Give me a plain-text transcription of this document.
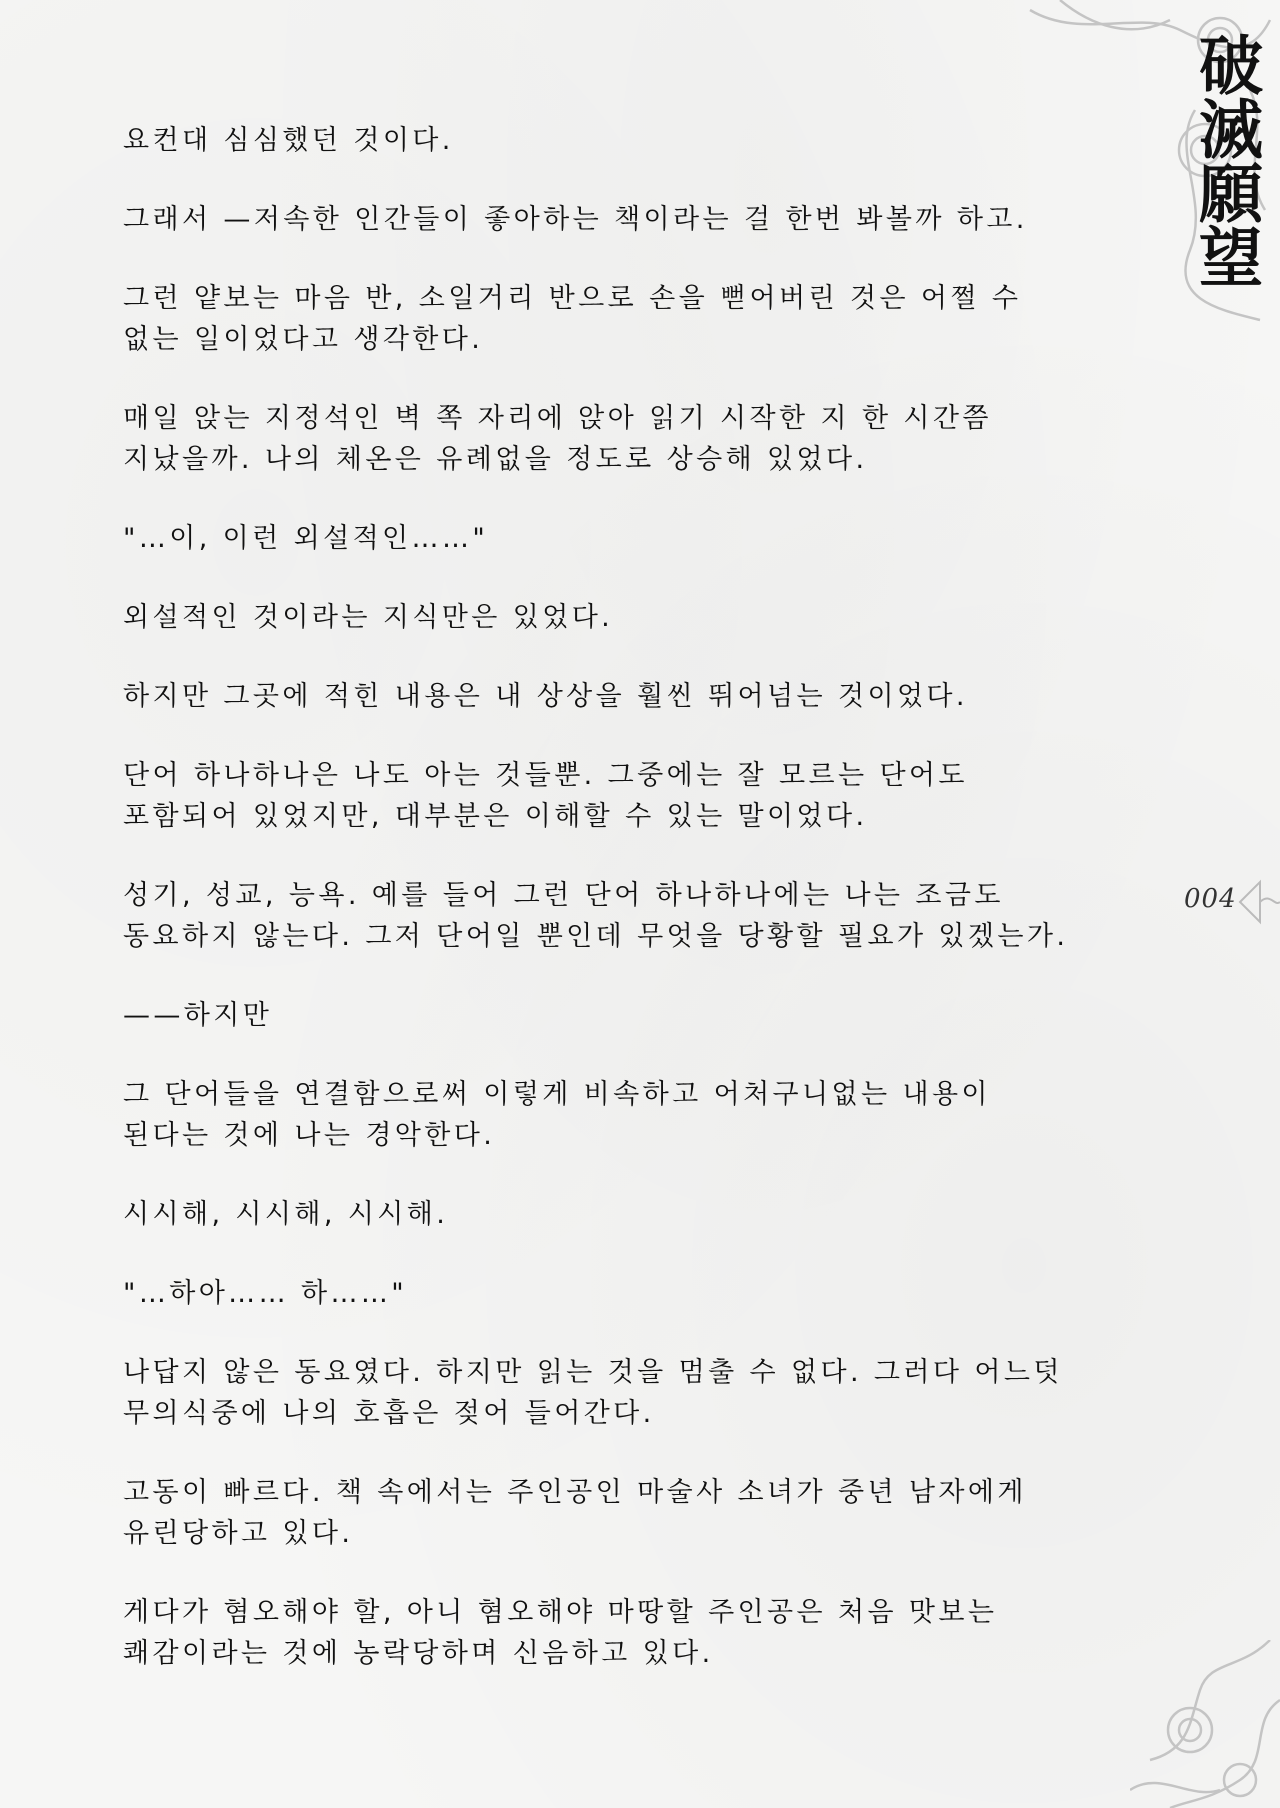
破滅願望
004

요컨대 심심했던 것이다.

그래서 —저속한 인간들이 좋아하는 책이라는 걸 한번 봐볼까 하고.

그런 얕보는 마음 반, 소일거리 반으로 손을 뻗어버린 것은 어쩔 수
없는 일이었다고 생각한다.

매일 앉는 지정석인 벽 쪽 자리에 앉아 읽기 시작한 지 한 시간쯤
지났을까. 나의 체온은 유례없을 정도로 상승해 있었다.

"…이, 이런 외설적인……"

외설적인 것이라는 지식만은 있었다.

하지만 그곳에 적힌 내용은 내 상상을 훨씬 뛰어넘는 것이었다.

단어 하나하나은 나도 아는 것들뿐. 그중에는 잘 모르는 단어도
포함되어 있었지만, 대부분은 이해할 수 있는 말이었다.

성기, 성교, 능욕. 예를 들어 그런 단어 하나하나에는 나는 조금도
동요하지 않는다. 그저 단어일 뿐인데 무엇을 당황할 필요가 있겠는가.

——하지만

그 단어들을 연결함으로써 이렇게 비속하고 어처구니없는 내용이
된다는 것에 나는 경악한다.

시시해, 시시해, 시시해.

"…하아…… 하……"

나답지 않은 동요였다. 하지만 읽는 것을 멈출 수 없다. 그러다 어느덧
무의식중에 나의 호흡은 젖어 들어간다.

고동이 빠르다. 책 속에서는 주인공인 마술사 소녀가 중년 남자에게
유린당하고 있다.

게다가 혐오해야 할, 아니 혐오해야 마땅할 주인공은 처음 맛보는
쾌감이라는 것에 농락당하며 신음하고 있다.
